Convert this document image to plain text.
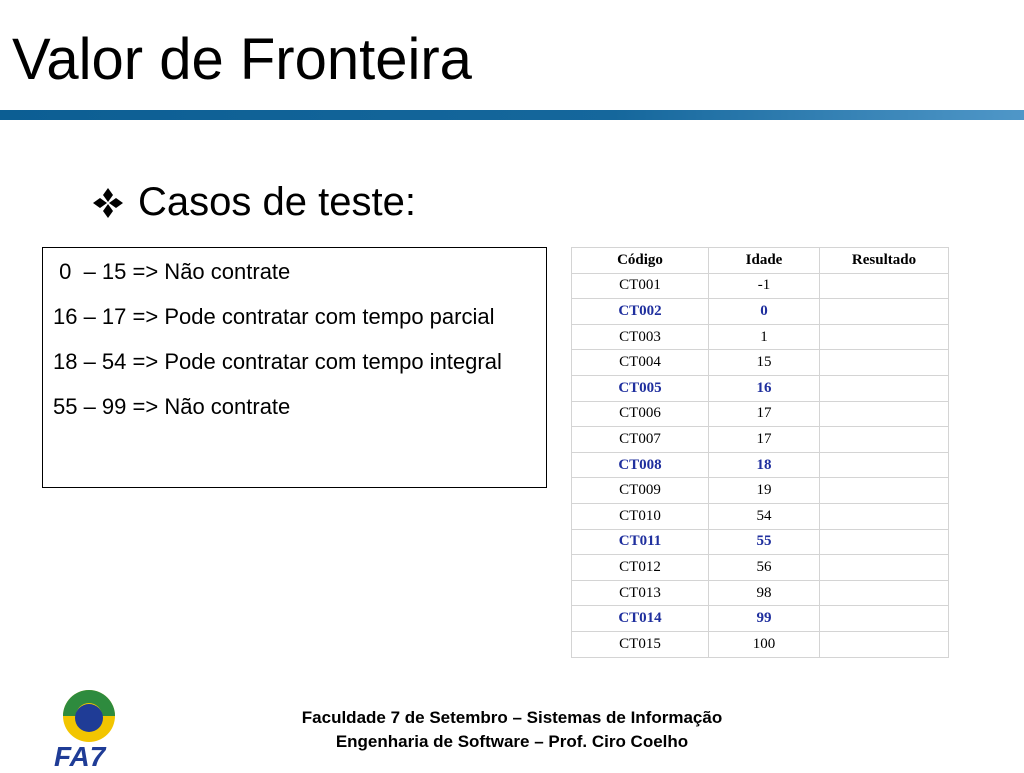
Valor de Fronteira
Casos de teste:

0  – 15 => Não contrate

16 – 17 => Pode contratar com tempo parcial

18 – 54 => Pode contratar com tempo integral

55 – 99 => Não contrate

Código	Idade	Resultado
CT001	-1	
CT002	0	
CT003	1	
CT004	15	
CT005	16	
CT006	17	
CT007	17	
CT008	18	
CT009	19	
CT010	54	
CT011	55	
CT012	56	
CT013	98	
CT014	99	
CT015	100	
FA7
Faculdade 7 de Setembro – Sistemas de Informação
Engenharia de Software – Prof. Ciro Coelho
